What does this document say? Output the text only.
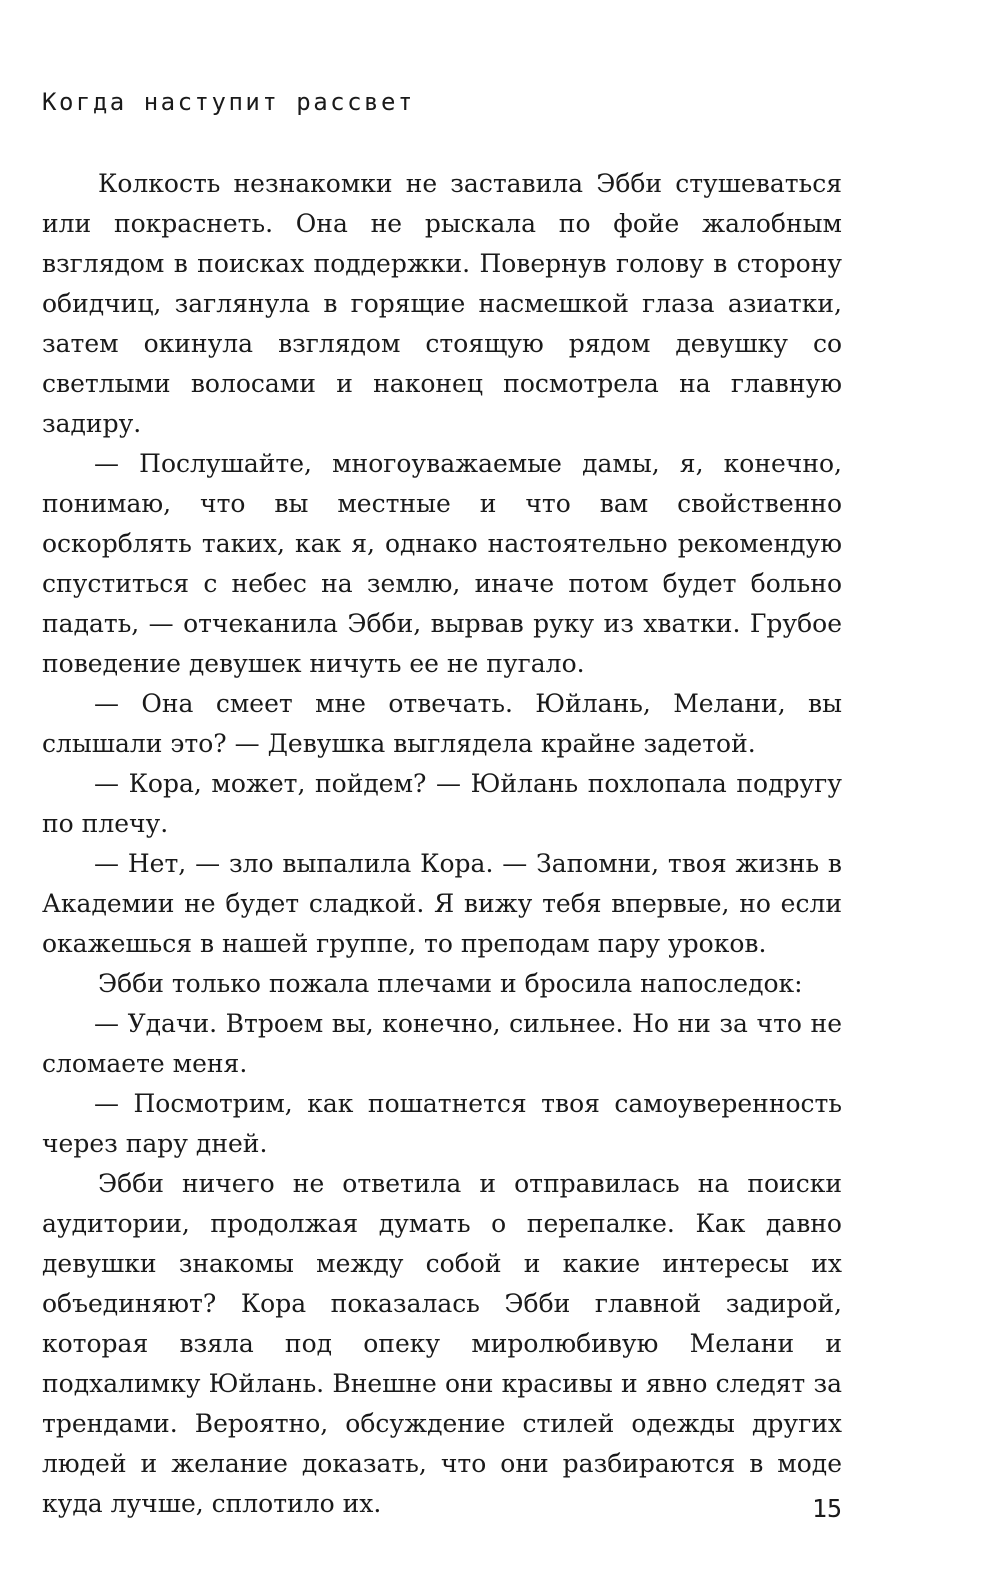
Когда наступит рассвет

Колкость незнакомки не заставила Эбби стушеваться или покраснеть. Она не рыскала по фойе жалобным взглядом в поисках поддержки. Повернув голову в сторону обидчиц, заглянула в горящие насмешкой глаза азиатки, затем окинула взглядом стоящую рядом девушку со светлыми волосами и наконец посмотрела на главную задиру.

— Послушайте, многоуважаемые дамы, я, конечно, понимаю, что вы местные и что вам свойственно оскорблять таких, как я, однако настоятельно рекомендую спуститься с небес на землю, иначе потом будет больно падать, — отчеканила Эбби, вырвав руку из хватки. Грубое поведение девушек ничуть ее не пугало.

— Она смеет мне отвечать. Юйлань, Мелани, вы слышали это? — Девушка выглядела крайне задетой.

— Кора, может, пойдем? — Юйлань похлопала подругу по плечу.

— Нет, — зло выпалила Кора. — Запомни, твоя жизнь в Академии не будет сладкой. Я вижу тебя впервые, но если окажешься в нашей группе, то преподам пару уроков.

Эбби только пожала плечами и бросила напоследок:

— Удачи. Втроем вы, конечно, сильнее. Но ни за что не сломаете меня.

— Посмотрим, как пошатнется твоя самоуверенность через пару дней.

Эбби ничего не ответила и отправилась на поиски аудитории, продолжая думать о перепалке. Как давно девушки знакомы между собой и какие интересы их объединяют? Кора показалась Эбби главной задирой, которая взяла под опеку миролюбивую Мелани и подхалимку Юйлань. Внешне они красивы и явно следят за трендами. Вероятно, обсуждение стилей одежды других людей и желание доказать, что они разбираются в моде куда лучше, сплотило их.	15
